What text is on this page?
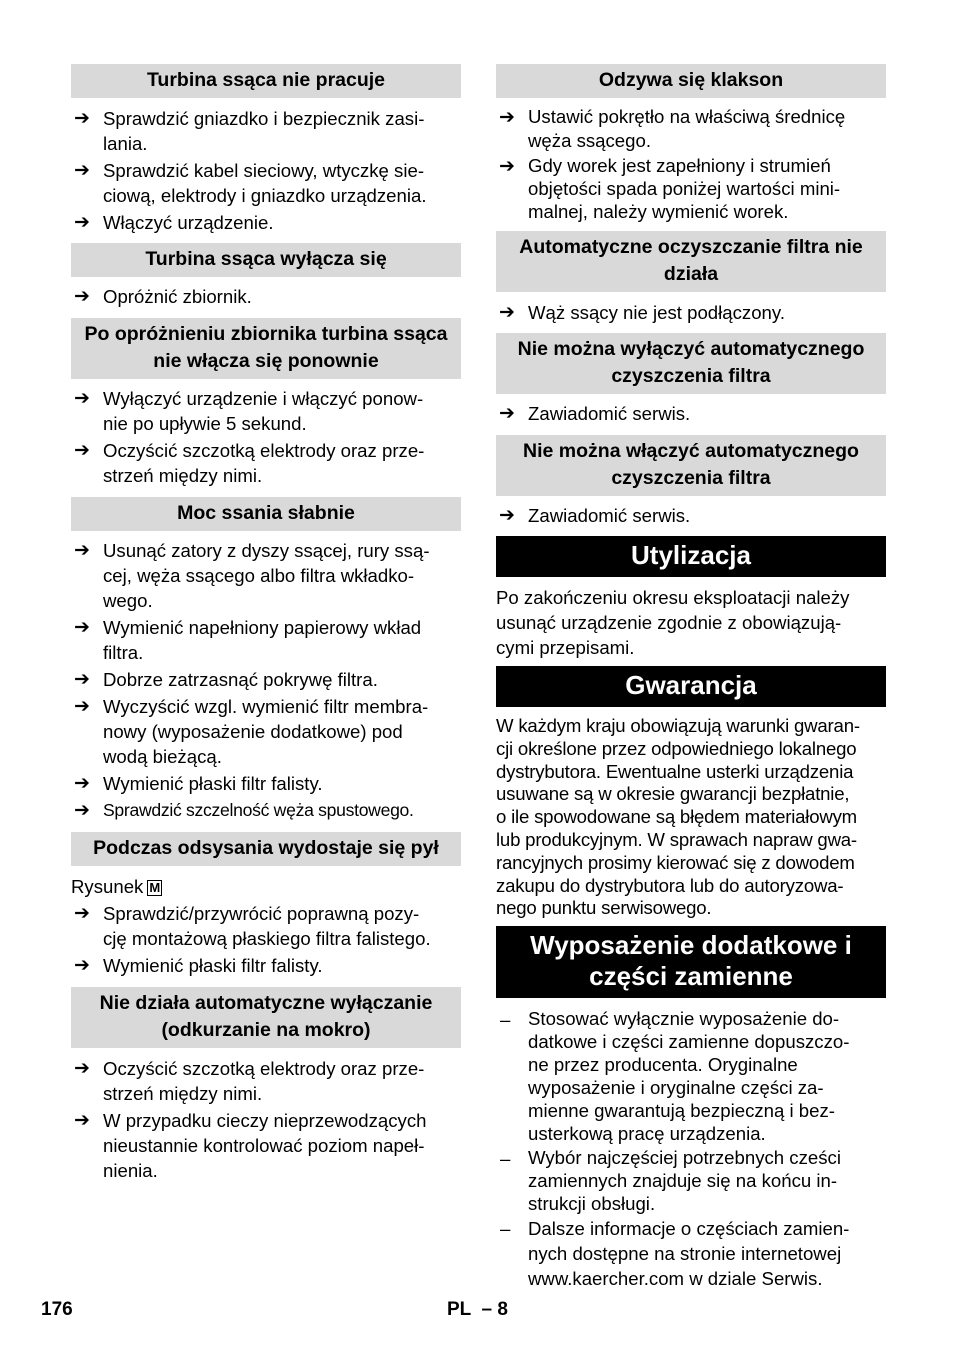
Turbina ssąca nie pracuje
➔ Sprawdzić gniazdko i bezpiecznik zasi-
lania.
➔ Sprawdzić kabel sieciowy, wtyczkę sie-
ciową, elektrody i gniazdko urządzenia.
➔ Włączyć urządzenie.
Turbina ssąca wyłącza się
➔ Opróżnić zbiornik.
Po opróżnieniu zbiornika turbina ssąca nie włącza się ponownie
➔ Wyłączyć urządzenie i włączyć ponow-
nie po upływie 5 sekund.
➔ Oczyścić szczotką elektrody oraz prze-
strzeń między nimi.
Moc ssania słabnie
➔ Usunąć zatory z dyszy ssącej, rury ssą-
cej, węża ssącego albo filtra wkładko-
wego.
➔ Wymienić napełniony papierowy wkład
filtra.
➔ Dobrze zatrzasnąć pokrywę filtra.
➔ Wyczyścić wzgl. wymienić filtr membra-
nowy (wyposażenie dodatkowe) pod
wodą bieżącą.
➔ Wymienić płaski filtr falisty.
➔ Sprawdzić szczelność węża spustowego.
Podczas odsysania wydostaje się pył
Rysunek M
➔ Sprawdzić/przywrócić poprawną pozy-
cję montażową płaskiego filtra falistego.
➔ Wymienić płaski filtr falisty.
Nie działa automatyczne wyłączanie (odkurzanie na mokro)
➔ Oczyścić szczotką elektrody oraz prze-
strzeń między nimi.
➔ W przypadku cieczy nieprzewodzących
nieustannie kontrolować poziom napeł-
nienia.
Odzywa się klakson
➔ Ustawić pokrętło na właściwą średnicę
węża ssącego.
➔ Gdy worek jest zapełniony i strumień
objętości spada poniżej wartości mini-
malnej, należy wymienić worek.
Automatyczne oczyszczanie filtra nie działa
➔ Wąż ssący nie jest podłączony.
Nie można wyłączyć automatycznego czyszczenia filtra
➔ Zawiadomić serwis.
Nie można włączyć automatycznego czyszczenia filtra
➔ Zawiadomić serwis.
Utylizacja
Po zakończeniu okresu eksploatacji należy
usunąć urządzenie zgodnie z obowiązują-
cymi przepisami.
Gwarancja
W każdym kraju obowiązują warunki gwaran-
cji określone przez odpowiedniego lokalnego
dystrybutora. Ewentualne usterki urządzenia
usuwane są w okresie gwarancji bezpłatnie,
o ile spowodowane są błędem materiałowym
lub produkcyjnym. W sprawach napraw gwa-
rancyjnych prosimy kierować się z dowodem
zakupu do dystrybutora lub do autoryzowa-
nego punktu serwisowego.
Wyposażenie dodatkowe i części zamienne
– Stosować wyłącznie wyposażenie do-
datkowe i części zamienne dopuszczo-
ne przez producenta. Oryginalne
wyposażenie i oryginalne części za-
mienne gwarantują bezpieczną i bez-
usterkową pracę urządzenia.
– Wybór najczęściej potrzebnych cześci
zamiennych znajduje się na końcu in-
strukcji obsługi.
– Dalsze informacje o częściach zamien-
nych dostępne na stronie internetowej
www.kaercher.com w dziale Serwis.
176	PL  – 8
